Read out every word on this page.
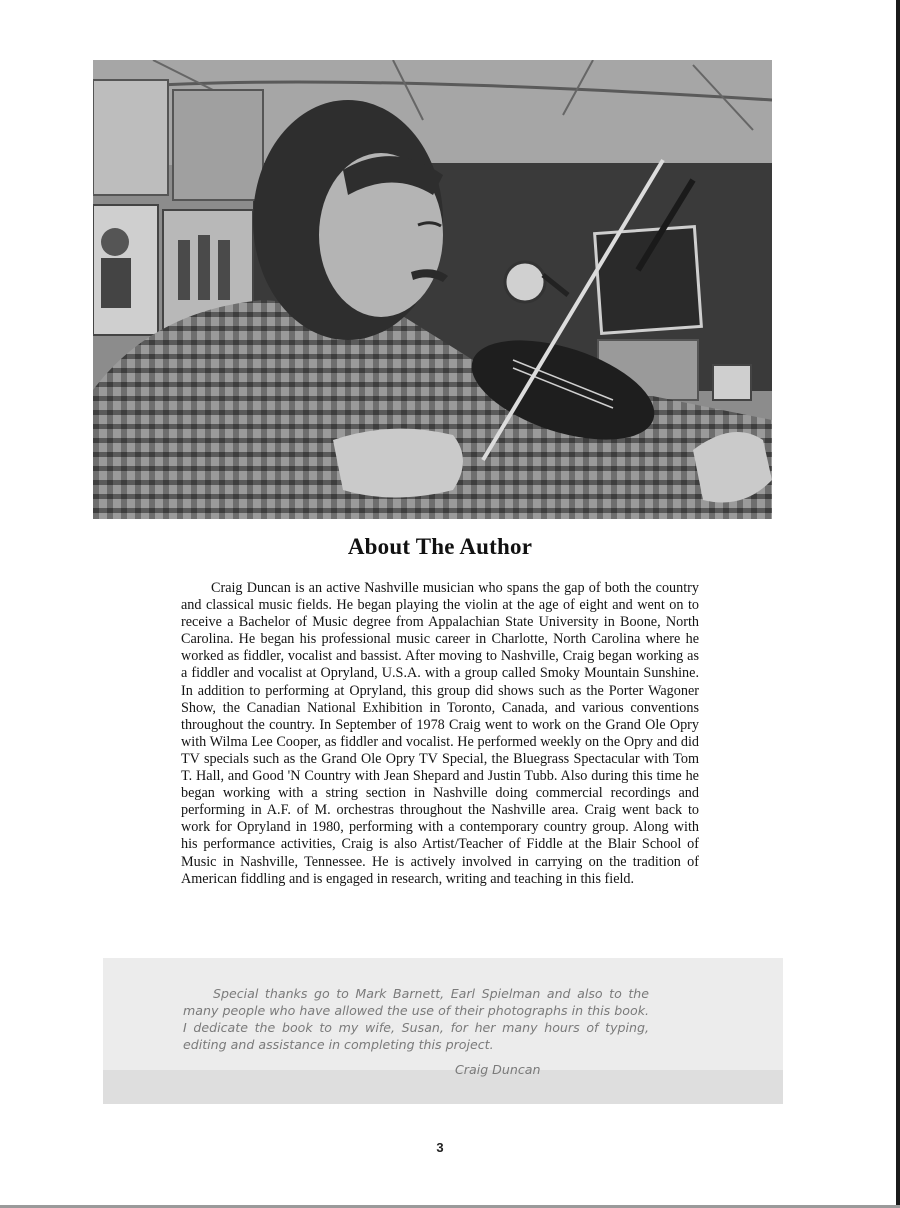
About The Author

Craig Duncan is an active Nashville musician who spans the gap of both the country and classical music fields. He began playing the violin at the age of eight and went on to receive a Bachelor of Music degree from Appalachian State University in Boone, North Carolina. He began his professional music career in Charlotte, North Carolina where he worked as fiddler, vocalist and bassist. After moving to Nashville, Craig began working as a fiddler and vocalist at Opryland, U.S.A. with a group called Smoky Mountain Sunshine. In addition to performing at Opryland, this group did shows such as the Porter Wagoner Show, the Canadian National Exhibition in Toronto, Canada, and various conventions throughout the country. In September of 1978 Craig went to work on the Grand Ole Opry with Wilma Lee Cooper, as fiddler and vocalist. He performed weekly on the Opry and did TV specials such as the Grand Ole Opry TV Special, the Bluegrass Spectacular with Tom T. Hall, and Good 'N Country with Jean Shepard and Justin Tubb. Also during this time he began working with a string section in Nashville doing commercial recordings and performing in A.F. of M. orchestras throughout the Nashville area. Craig went back to work for Opryland in 1980, performing with a contemporary country group. Along with his performance activities, Craig is also Artist/Teacher of Fiddle at the Blair School of Music in Nashville, Tennessee. He is actively involved in carrying on the tradition of American fiddling and is engaged in research, writing and teaching in this field.

Special thanks go to Mark Barnett, Earl Spielman and also to the many people who have allowed the use of their photographs in this book. I dedicate the book to my wife, Susan, for her many hours of typing, editing and assistance in completing this project.

Craig Duncan
3
